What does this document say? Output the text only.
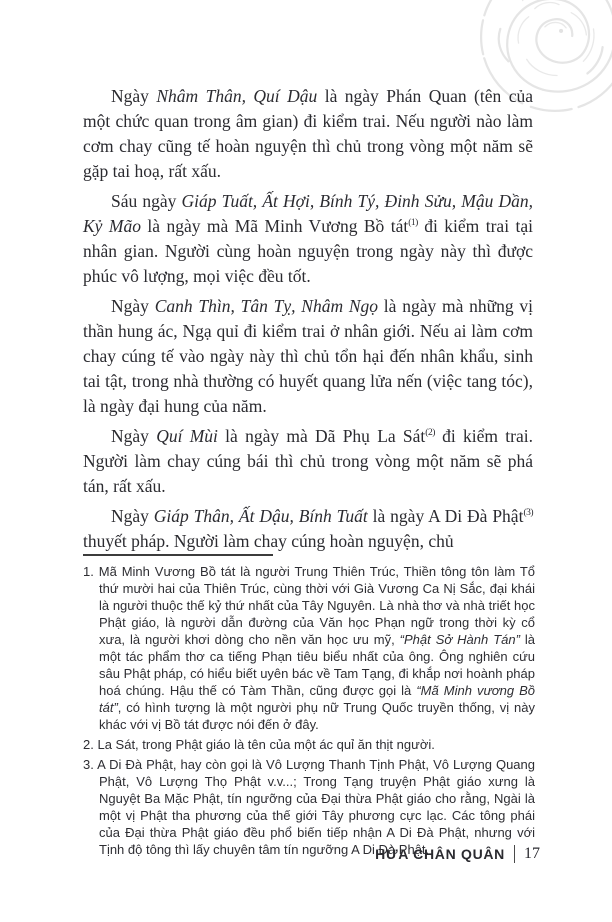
Ngày Nhâm Thân, Quí Dậu là ngày Phán Quan (tên của một chức quan trong âm gian) đi kiểm trai. Nếu người nào làm cơm chay cũng tế hoàn nguyện thì chủ trong vòng một năm sẽ gặp tai hoạ, rất xấu.

Sáu ngày Giáp Tuất, Ất Hợi, Bính Tý, Đinh Sửu, Mậu Dần, Kỷ Mão là ngày mà Mã Minh Vương Bồ tát$^{(1)}$ đi kiểm trai tại nhân gian. Người cùng hoàn nguyện trong ngày này thì được phúc vô lượng, mọi việc đều tốt.

Ngày Canh Thìn, Tân Tỵ, Nhâm Ngọ là ngày mà những vị thần hung ác, Ngạ quỉ đi kiểm trai ở nhân giới. Nếu ai làm cơm chay cúng tế vào ngày này thì chủ tổn hại đến nhân khẩu, sinh tai tật, trong nhà thường có huyết quang lửa nến (việc tang tóc), là ngày đại hung của năm.

Ngày Quí Mùi là ngày mà Dã Phụ La Sát$^{(2)}$ đi kiểm trai. Người làm chay cúng bái thì chủ trong vòng một năm sẽ phá tán, rất xấu.

Ngày Giáp Thân, Ất Dậu, Bính Tuất là ngày A Di Đà Phật$^{(3)}$ thuyết pháp. Người làm chay cúng hoàn nguyện, chủ

1. Mã Minh Vương Bồ tát là người Trung Thiên Trúc, Thiền tông tôn làm Tổ thứ mười hai của Thiên Trúc, cùng thời với Già Vương Ca Nị Sắc, đại khái là người thuộc thế kỷ thứ nhất của Tây Nguyên. Là nhà thơ và nhà triết học Phật giáo, là người dẫn đường của Văn học Phạn ngữ trong thời kỳ cổ xưa, là người khơi dòng cho nền văn học ưu mỹ, “Phật Sở Hành Tán” là một tác phẩm thơ ca tiếng Phạn tiêu biểu nhất của ông. Ông nghiên cứu sâu Phật pháp, có hiểu biết uyên bác về Tam Tạng, đi khắp nơi hoành pháp hoá chúng. Hậu thế có Tàm Thần, cũng được gọi là “Mã Minh vương Bồ tát”, có hình tượng là một người phụ nữ Trung Quốc truyền thống, vị này khác với vị Bồ tát được nói đến ở đây.

2. La Sát, trong Phật giáo là tên của một ác quỉ ăn thịt người.

3. A Di Đà Phật, hay còn gọi là Vô Lượng Thanh Tịnh Phật, Vô Lượng Quang Phật, Vô Lượng Thọ Phật v.v...; Trong Tạng truyện Phật giáo xưng là Nguyệt Ba Mặc Phật, tín ngưỡng của Đại thừa Phật giáo cho rằng, Ngài là một vị Phật tha phương của thế giới Tây phương cực lạc. Các tông phái của Đại thừa Phật giáo đều phổ biến tiếp nhận A Di Đà Phật, nhưng với Tịnh độ tông thì lấy chuyên tâm tín ngưỡng A Di Đà Phật.

HỨA CHÂN QUÂN 17
